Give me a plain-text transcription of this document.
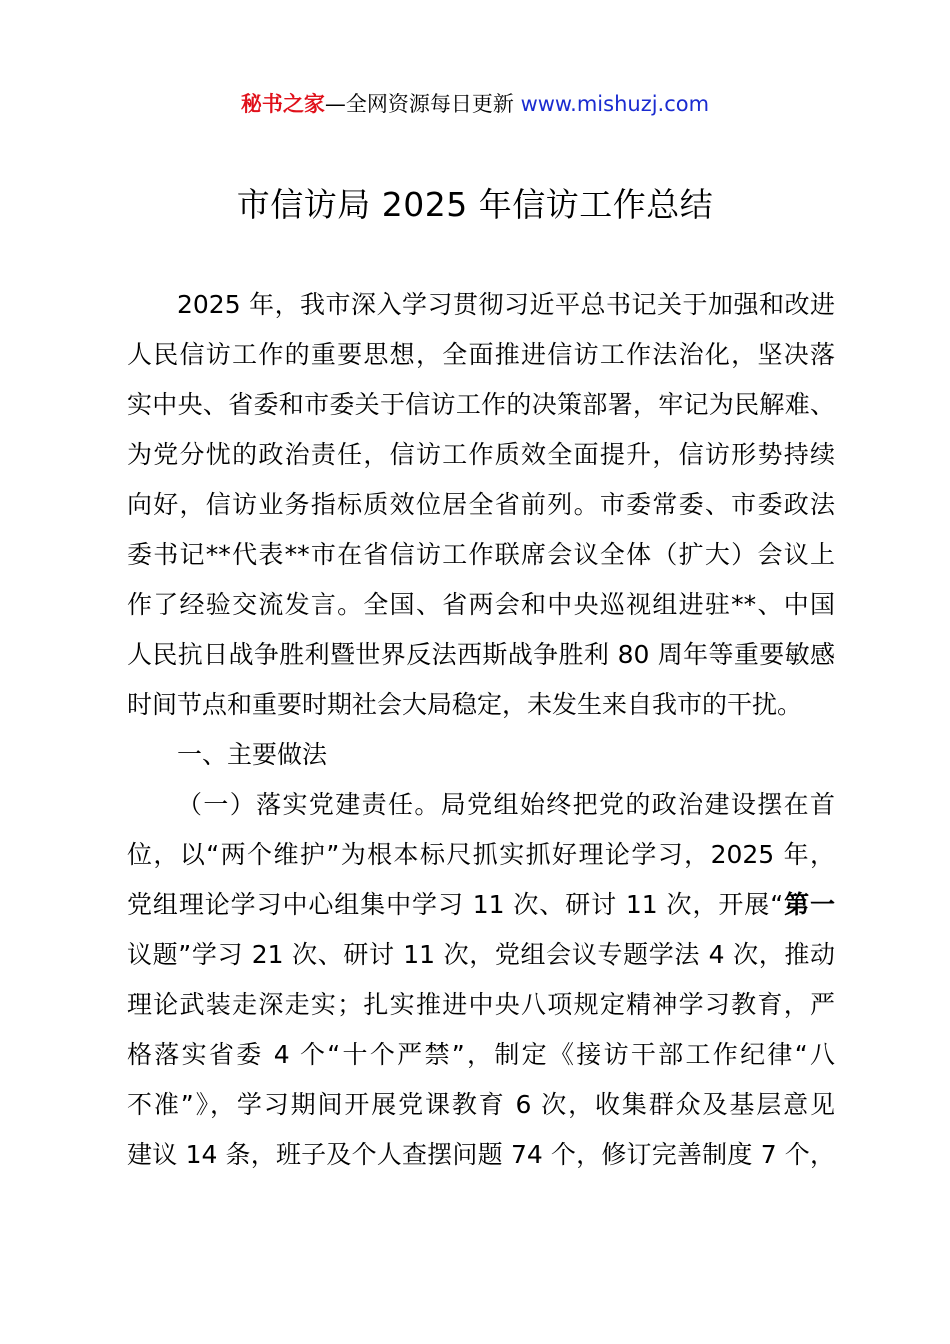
秘书之家—全网资源每日更新 www.mishuzj.com
市信访局 2025 年信访工作总结
2025 年，我市深入学习贯彻习近平总书记关于加强和改进
人民信访工作的重要思想，全面推进信访工作法治化，坚决落
实中央、省委和市委关于信访工作的决策部署，牢记为民解难、
为党分忧的政治责任，信访工作质效全面提升，信访形势持续
向好，信访业务指标质效位居全省前列。市委常委、市委政法
委书记**代表**市在省信访工作联席会议全体（扩大）会议上
作了经验交流发言。全国、省两会和中央巡视组进驻**、中国
人民抗日战争胜利暨世界反法西斯战争胜利 80 周年等重要敏感
时间节点和重要时期社会大局稳定，未发生来自我市的干扰。
一、主要做法
（一）落实党建责任。局党组始终把党的政治建设摆在首
位，以“两个维护”为根本标尺抓实抓好理论学习，2025 年，
党组理论学习中心组集中学习 11 次、研讨 11 次，开展“第一
议题”学习 21 次、研讨 11 次，党组会议专题学法 4 次，推动
理论武装走深走实；扎实推进中央八项规定精神学习教育，严
格落实省委 4 个“十个严禁”，制定《接访干部工作纪律“八
不准”》，学习期间开展党课教育 6 次，收集群众及基层意见
建议 14 条，班子及个人查摆问题 74 个，修订完善制度 7 个，
